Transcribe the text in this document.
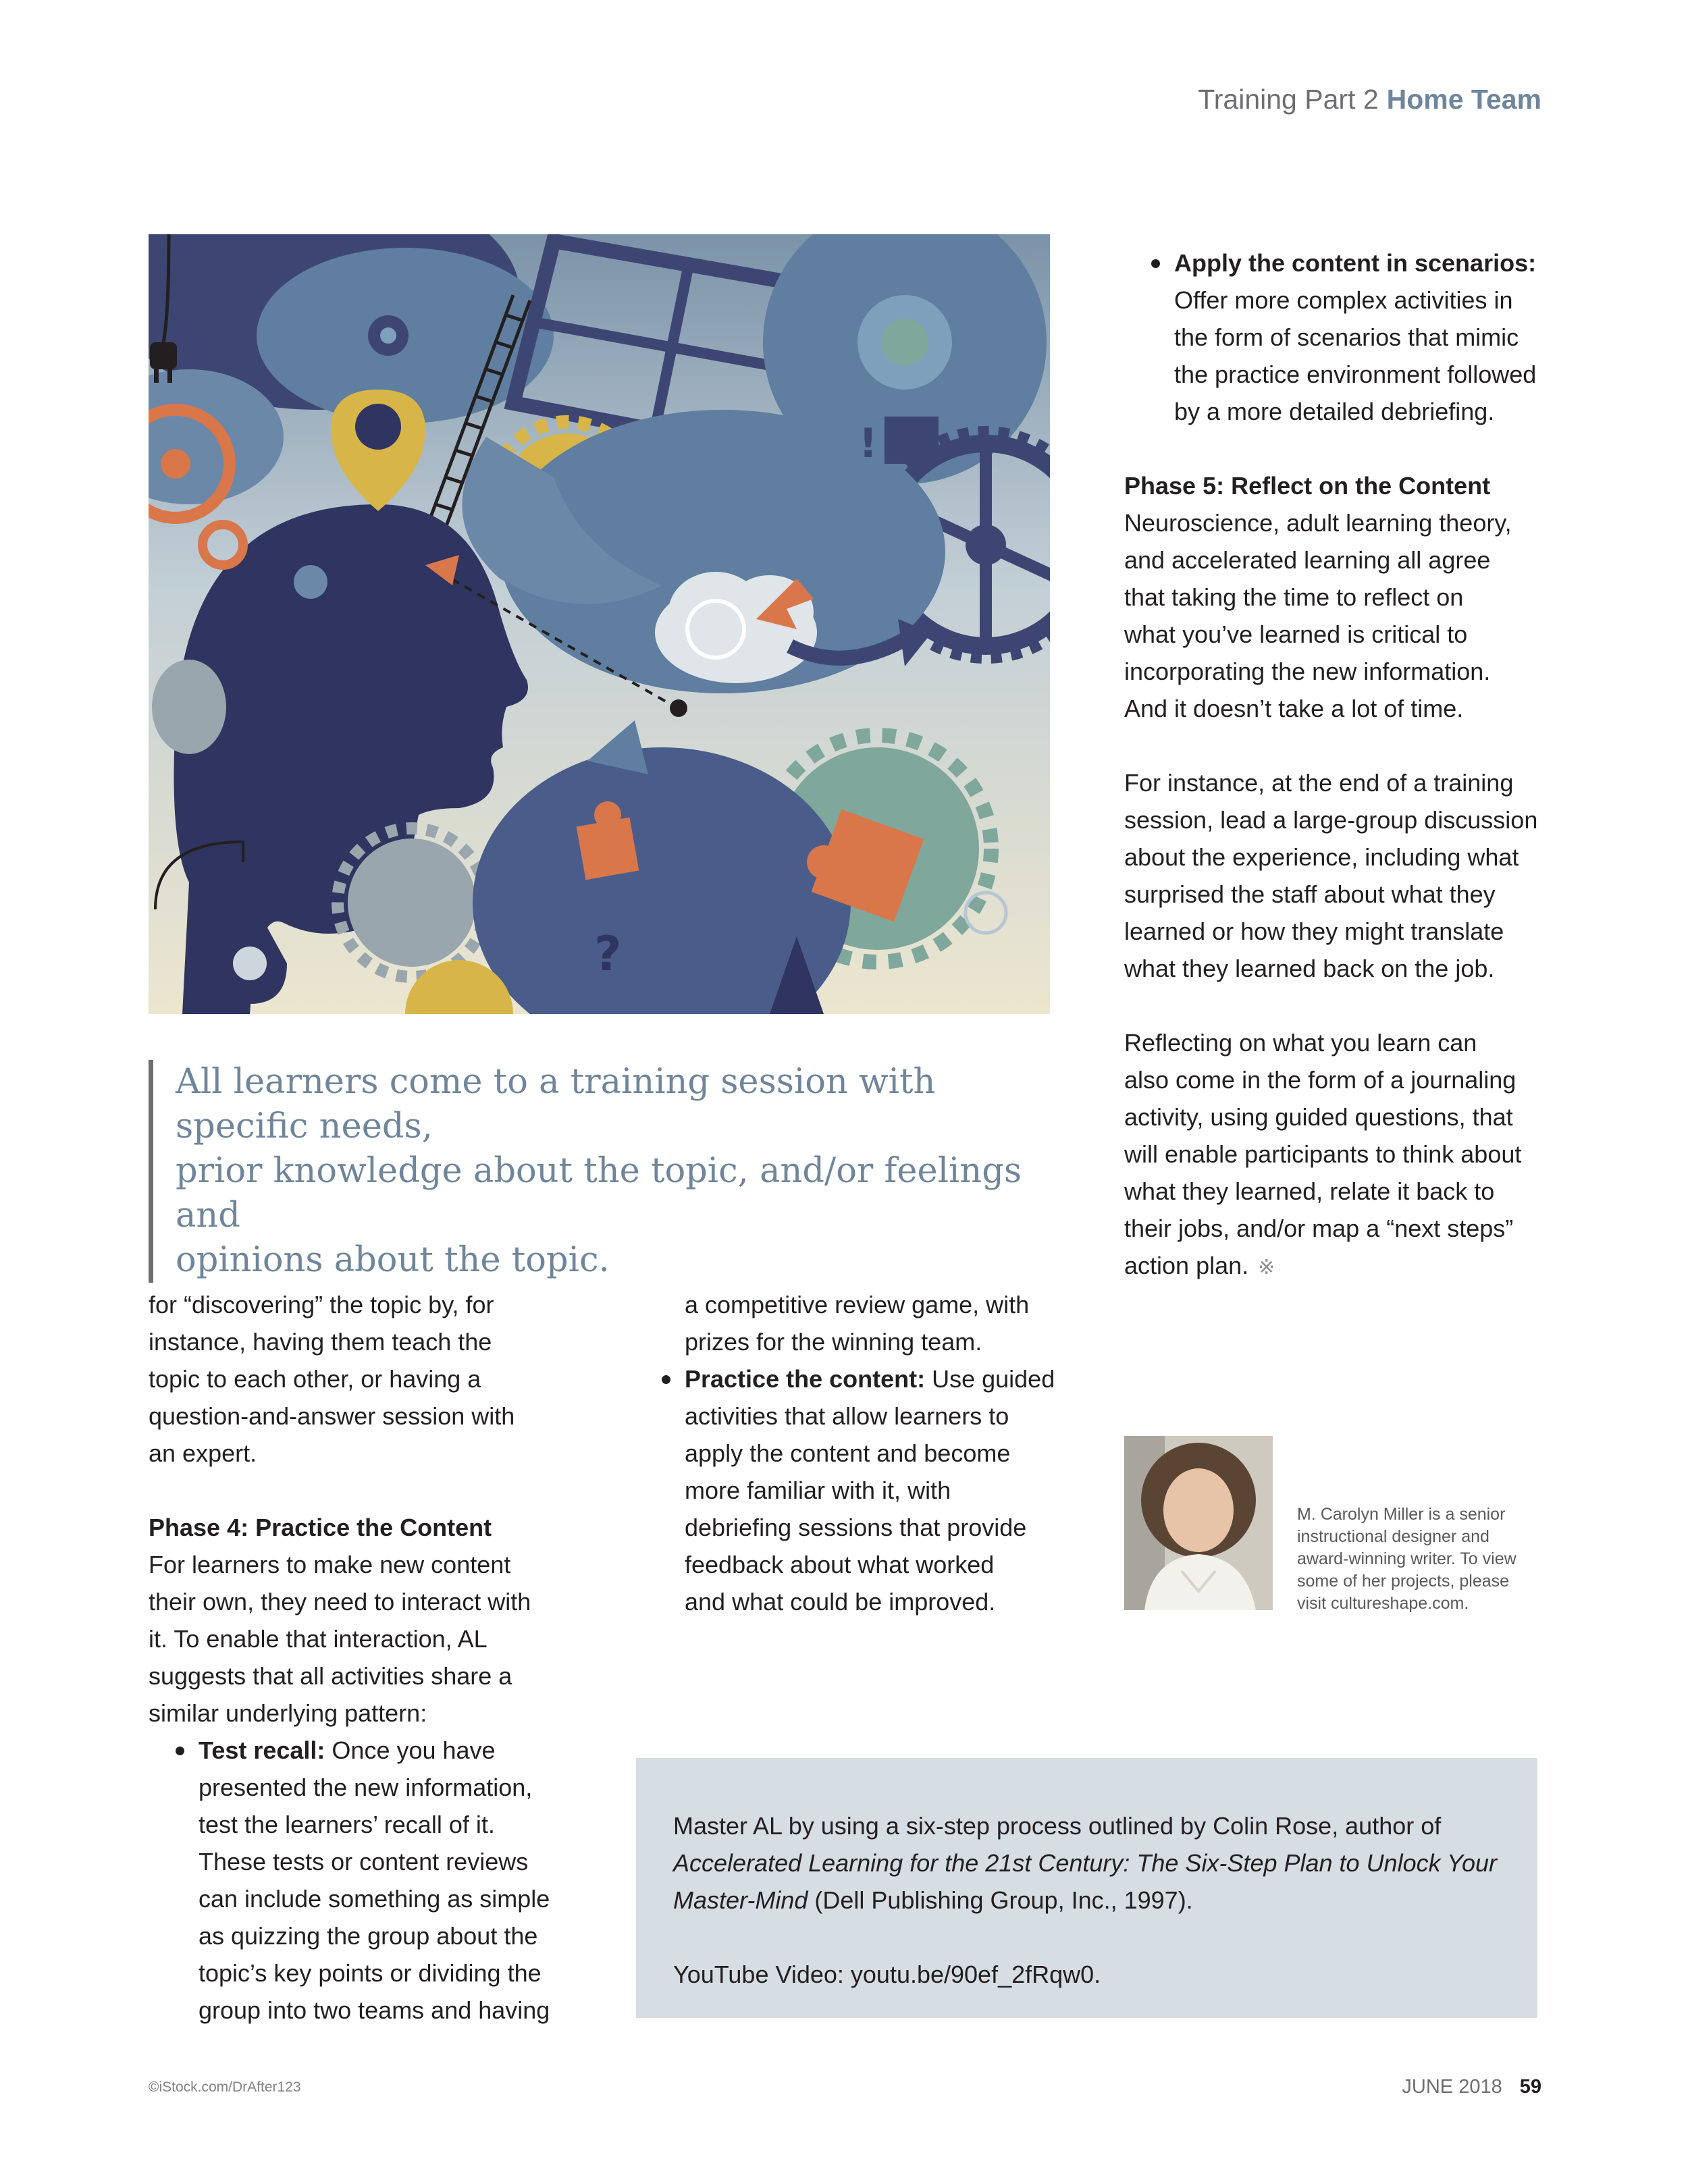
Training Part 2 Home Team
!
?
All learners come to a training session with specific needs,
prior knowledge about the topic, and/or feelings and
opinions about the topic.

for “discovering” the topic by, for

instance, having them teach the

topic to each other, or having a

question-and-answer session with

an expert.

Phase 4: Practice the Content

For learners to make new content

their own, they need to interact with

it. To enable that interaction, AL

suggests that all activities share a

similar underlying pattern:

Test recall: Once you have
presented the new information,
test the learners’ recall of it.
These tests or content reviews
can include something as simple
as quizzing the group about the
topic’s key points or dividing the
group into two teams and having

a competitive review game, with

prizes for the winning team.

Practice the content: Use guided
activities that allow learners to
apply the content and become
more familiar with it, with
debriefing sessions that provide
feedback about what worked
and what could be improved.
Apply the content in scenarios:
Offer more complex activities in
the form of scenarios that mimic
the practice environment followed
by a more detailed debriefing.

Phase 5: Reflect on the Content

Neuroscience, adult learning theory,

and accelerated learning all agree

that taking the time to reflect on

what you’ve learned is critical to

incorporating the new information.

And it doesn’t take a lot of time.

For instance, at the end of a training

session, lead a large-group discussion

about the experience, including what

surprised the staff about what they

learned or how they might translate

what they learned back on the job.

Reflecting on what you learn can

also come in the form of a journaling

activity, using guided questions, that

will enable participants to think about

what they learned, relate it back to

their jobs, and/or map a “next steps”

action plan. ※

M. Carolyn Miller is a senior
instructional designer and
award-winning writer. To view
some of her projects, please
visit cultureshape.com.

Master AL by using a six-step process outlined by Colin Rose, author of

Accelerated Learning for the 21st Century: The Six-Step Plan to Unlock Your

Master-Mind (Dell Publishing Group, Inc., 1997).

YouTube Video: youtu.be/90ef_2fRqw0.

©iStock.com/DrAfter123	JUNE 2018 59
